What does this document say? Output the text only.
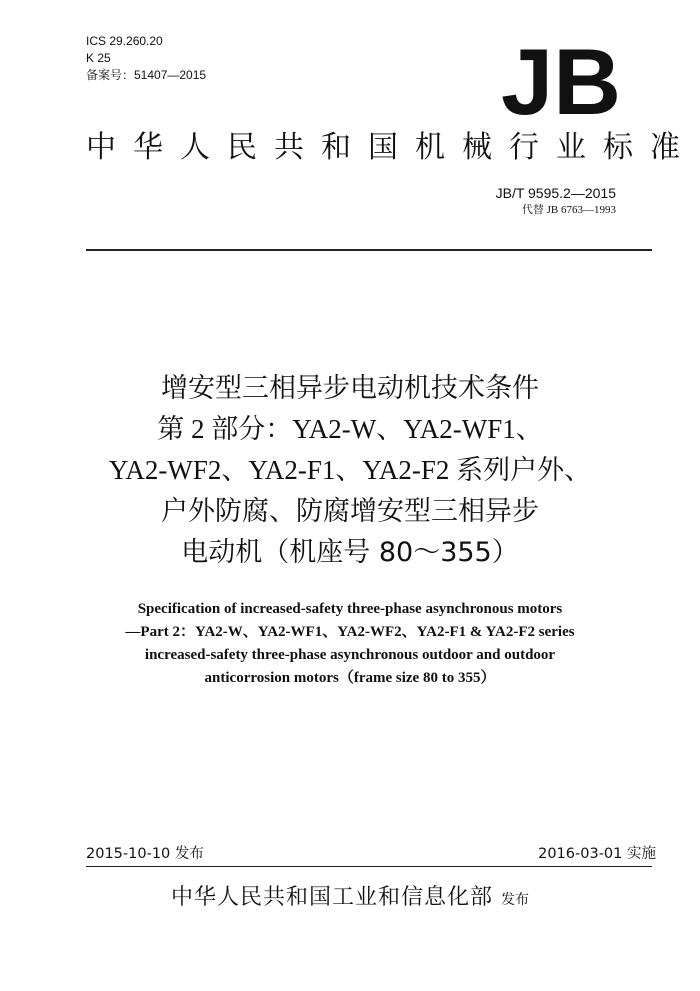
ICS 29.260.20
K 25
备案号：51407—2015	JB
中华人民共和国机械行业标准
JB/T 9595.2—2015
代替 JB 6763—1993
增安型三相异步电动机技术条件
第 2 部分：YA2-W、YA2-WF1、
YA2-WF2、YA2-F1、YA2-F2 系列户外、
户外防腐、防腐增安型三相异步
电动机（机座号 80～355）
Specification of increased-safety three-phase asynchronous motors
—Part 2：YA2-W、YA2-WF1、YA2-WF2、YA2-F1 & YA2-F2 series
increased-safety three-phase asynchronous outdoor and outdoor
anticorrosion motors（frame size 80 to 355）
2015-10-10 发布	2016-03-01 实施
中华人民共和国工业和信息化部 发布
